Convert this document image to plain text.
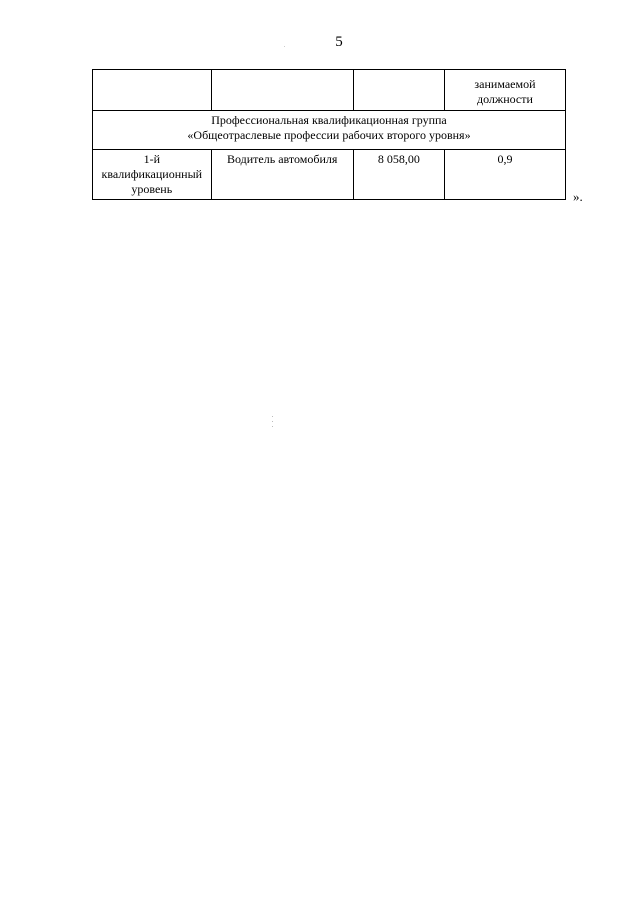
5
			занимаемой должности

Профессиональная квалификационная группа
«Общеотраслевые профессии рабочих второго уровня»			

1-й квалификационный уровень	Водитель автомобиля	8 058,00	0,9
».
